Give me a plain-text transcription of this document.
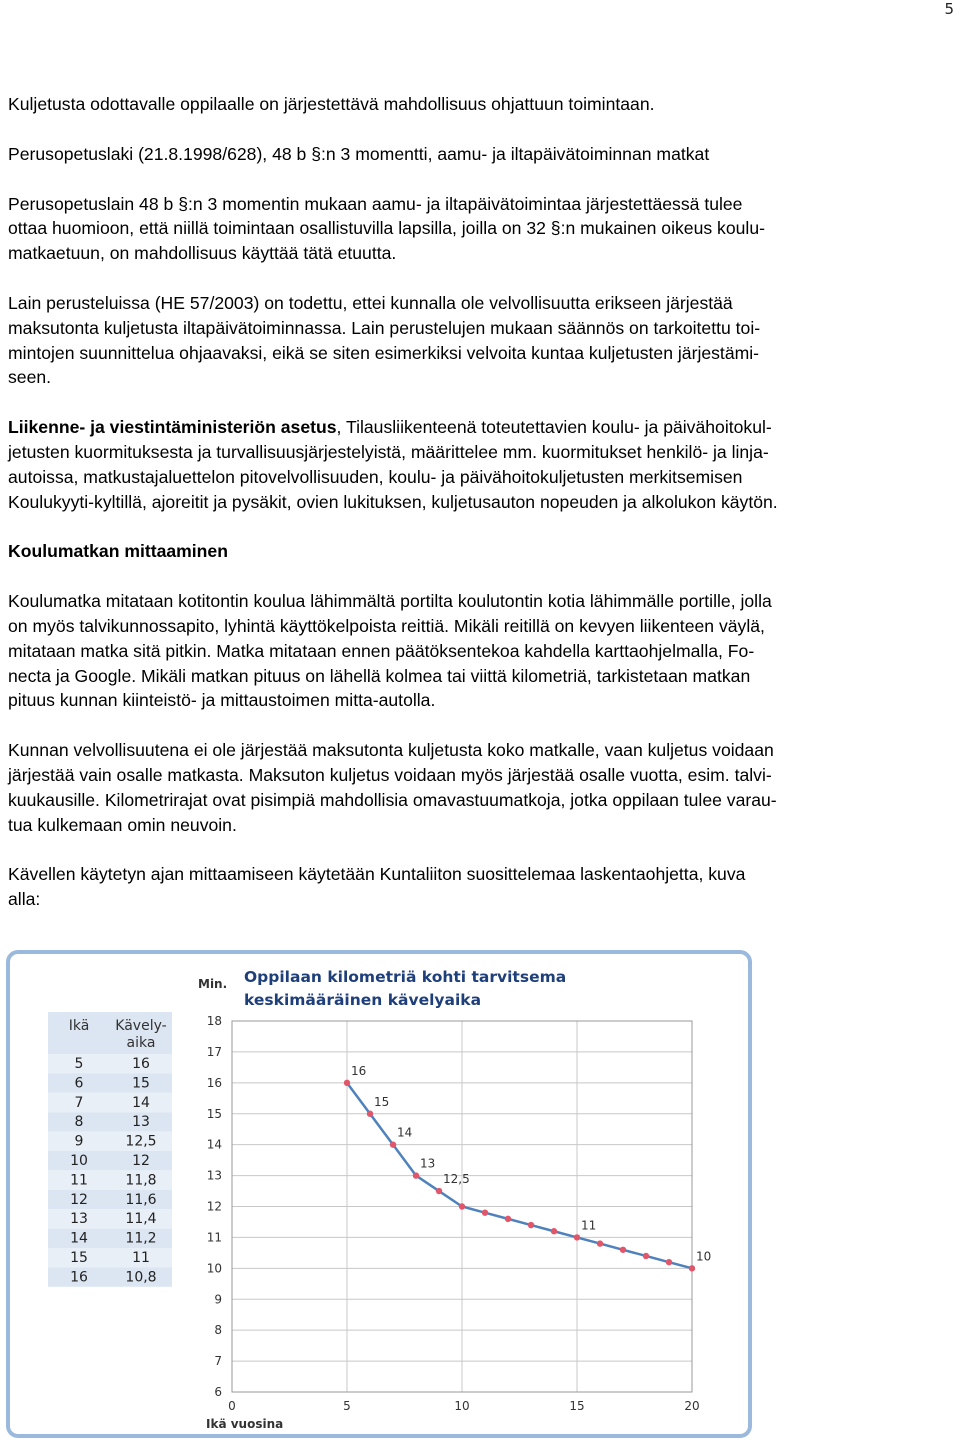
5

Kuljetusta odottavalle oppilaalle on järjestettävä mahdollisuus ohjattuun toimintaan.

Perusopetuslaki (21.8.1998/628), 48 b §:n 3 momentti, aamu- ja iltapäivätoiminnan matkat

Perusopetuslain 48 b §:n 3 momentin mukaan aamu- ja iltapäivätoimintaa järjestettäessä tulee

ottaa huomioon, että niillä toimintaan osallistuvilla lapsilla, joilla on 32 §:n mukainen oikeus koulu-

matkaetuun, on mahdollisuus käyttää tätä etuutta.

Lain perusteluissa (HE 57/2003) on todettu, ettei kunnalla ole velvollisuutta erikseen järjestää

maksutonta kuljetusta iltapäivätoiminnassa. Lain perustelujen mukaan säännös on tarkoitettu toi-

mintojen suunnittelua ohjaavaksi, eikä se siten esimerkiksi velvoita kuntaa kuljetusten järjestämi-

seen.

Liikenne- ja viestintäministeriön asetus, Tilausliikenteenä toteutettavien koulu- ja päivähoitokul-

jetusten kuormituksesta ja turvallisuusjärjestelyistä, määrittelee mm. kuormitukset henkilö- ja linja-

autoissa, matkustajaluettelon pitovelvollisuuden, koulu- ja päivähoitokuljetusten merkitsemisen

Koulukyyti-kyltillä, ajoreitit ja pysäkit, ovien lukituksen, kuljetusauton nopeuden ja alkolukon käytön.

Koulumatkan mittaaminen

Koulumatka mitataan kotitontin koulua lähimmältä portilta koulutontin kotia lähimmälle portille, jolla

on myös talvikunnossapito, lyhintä käyttökelpoista reittiä. Mikäli reitillä on kevyen liikenteen väylä,

mitataan matka sitä pitkin. Matka mitataan ennen päätöksentekoa kahdella karttaohjelmalla, Fo-

necta ja Google. Mikäli matkan pituus on lähellä kolmea tai viittä kilometriä, tarkistetaan matkan

pituus kunnan kiinteistö- ja mittaustoimen mitta-autolla.

Kunnan velvollisuutena ei ole järjestää maksutonta kuljetusta koko matkalle, vaan kuljetus voidaan

järjestää vain osalle matkasta. Maksuton kuljetus voidaan myös järjestää osalle vuotta, esim. talvi-

kuukausille. Kilometrirajat ovat pisimpiä mahdollisia omavastuumatkoja, jotka oppilaan tulee varau-

tua kulkemaan omin neuvoin.

Kävellen käytetyn ajan mittaamiseen käytetään Kuntaliiton suosittelemaa laskentaohjetta, kuva

alla:

Ikä Kävely-
aika
5	16
6	15
7	14
8	13
9	12,5
10	12
11	11,8
12	11,6
13	11,4
14	11,2
15	11
16	10,8
Oppilaan kilometriä kohti tarvitsema
keskimääräinen kävelyaika
Min.
6
7
8
9
10
11
12
13
14
15
16
17
18
0	5	10	15	20
Ikä vuosina
16
15
14
13
12,5
11
10
